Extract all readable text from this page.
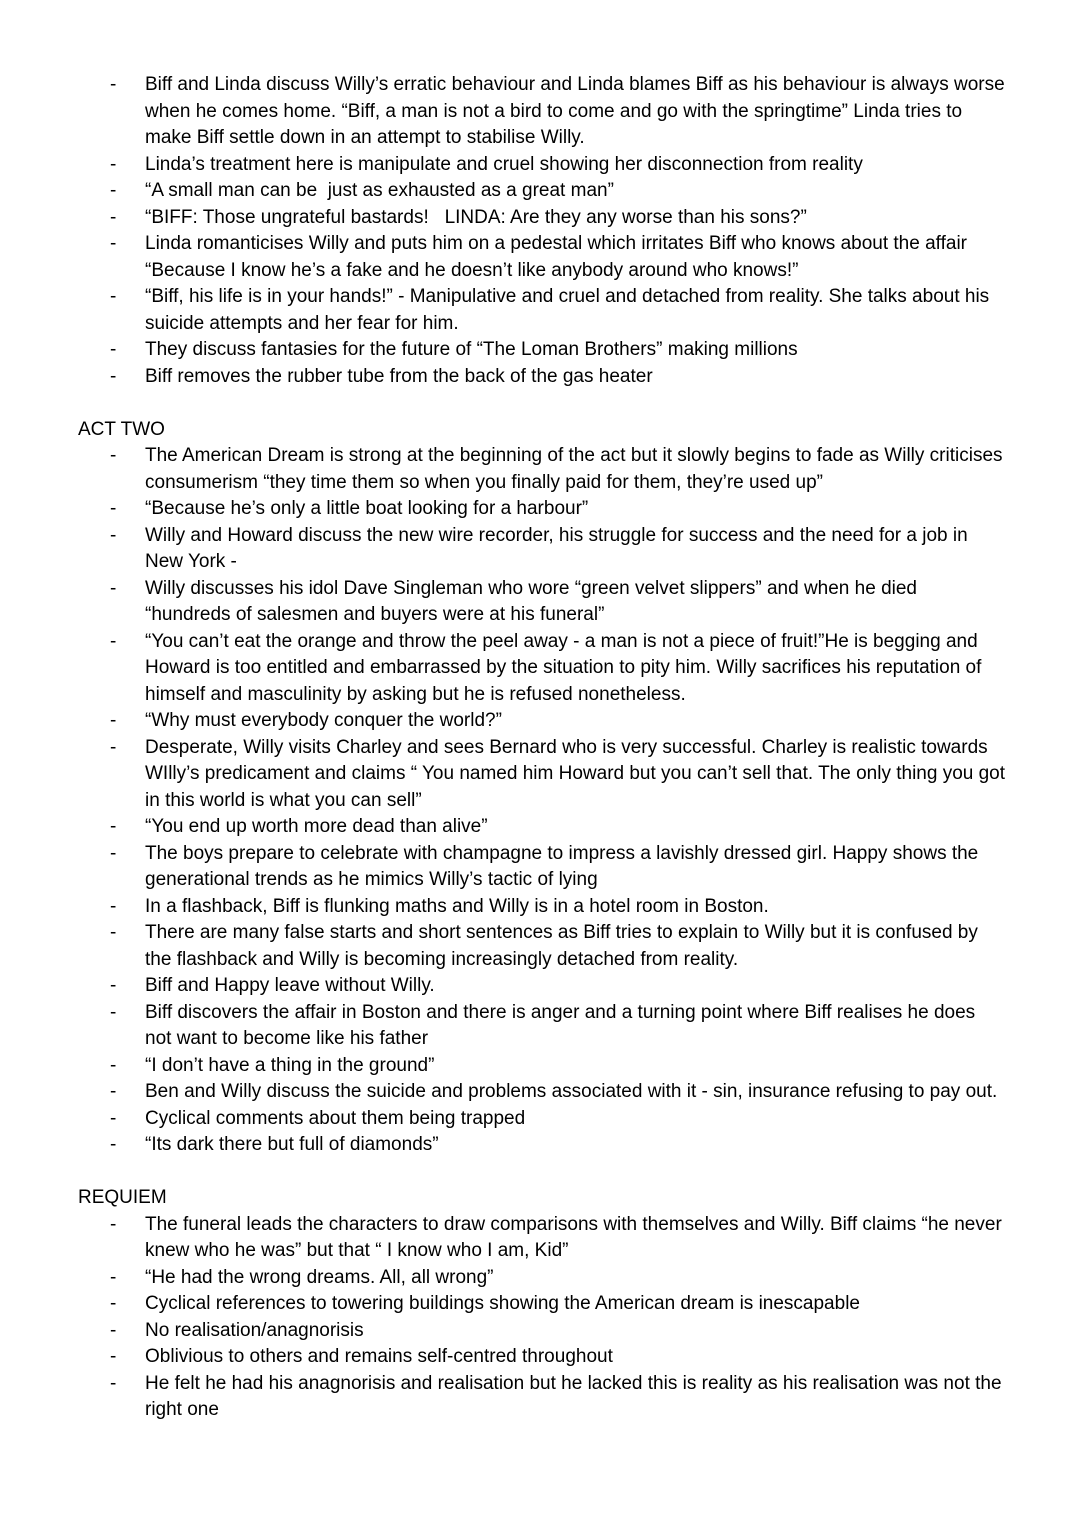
-	Biff and Linda discuss Willy’s erratic behaviour and Linda blames Biff as his behaviour is always worse when he comes home. “Biff, a man is not a bird to come and go with the springtime” Linda tries to make Biff settle down in an attempt to stabilise Willy.
-	Linda’s treatment here is manipulate and cruel showing her disconnection from reality
-	“A small man can be  just as exhausted as a great man”
-	“BIFF: Those ungrateful bastards!   LINDA: Are they any worse than his sons?”
-	Linda romanticises Willy and puts him on a pedestal which irritates Biff who knows about the affair “Because I know he’s a fake and he doesn’t like anybody around who knows!”
-	“Biff, his life is in your hands!” - Manipulative and cruel and detached from reality. She talks about his suicide attempts and her fear for him.
-	They discuss fantasies for the future of “The Loman Brothers” making millions
-	Biff removes the rubber tube from the back of the gas heater
ACT TWO
-	The American Dream is strong at the beginning of the act but it slowly begins to fade as Willy criticises consumerism “they time them so when you finally paid for them, they’re used up”
-	“Because he’s only a little boat looking for a harbour”
-	Willy and Howard discuss the new wire recorder, his struggle for success and the need for a job in New York -
-	Willy discusses his idol Dave Singleman who wore “green velvet slippers” and when he died “hundreds of salesmen and buyers were at his funeral”
-	“You can’t eat the orange and throw the peel away - a man is not a piece of fruit!”He is begging and Howard is too entitled and embarrassed by the situation to pity him. Willy sacrifices his reputation of himself and masculinity by asking but he is refused nonetheless.
-	“Why must everybody conquer the world?”
-	Desperate, Willy visits Charley and sees Bernard who is very successful. Charley is realistic towards WIlly’s predicament and claims “ You named him Howard but you can’t sell that. The only thing you got in this world is what you can sell”
-	“You end up worth more dead than alive”
-	The boys prepare to celebrate with champagne to impress a lavishly dressed girl. Happy shows the generational trends as he mimics Willy’s tactic of lying
-	In a flashback, Biff is flunking maths and Willy is in a hotel room in Boston.
-	There are many false starts and short sentences as Biff tries to explain to Willy but it is confused by the flashback and Willy is becoming increasingly detached from reality.
-	Biff and Happy leave without Willy.
-	Biff discovers the affair in Boston and there is anger and a turning point where Biff realises he does not want to become like his father
-	“I don’t have a thing in the ground”
-	Ben and Willy discuss the suicide and problems associated with it - sin, insurance refusing to pay out.
-	Cyclical comments about them being trapped
-	“Its dark there but full of diamonds”
REQUIEM
-	The funeral leads the characters to draw comparisons with themselves and Willy. Biff claims “he never knew who he was” but that “ I know who I am, Kid”
-	“He had the wrong dreams. All, all wrong”
-	Cyclical references to towering buildings showing the American dream is inescapable
-	No realisation/anagnorisis
-	Oblivious to others and remains self-centred throughout
-	He felt he had his anagnorisis and realisation but he lacked this is reality as his realisation was not the right one
